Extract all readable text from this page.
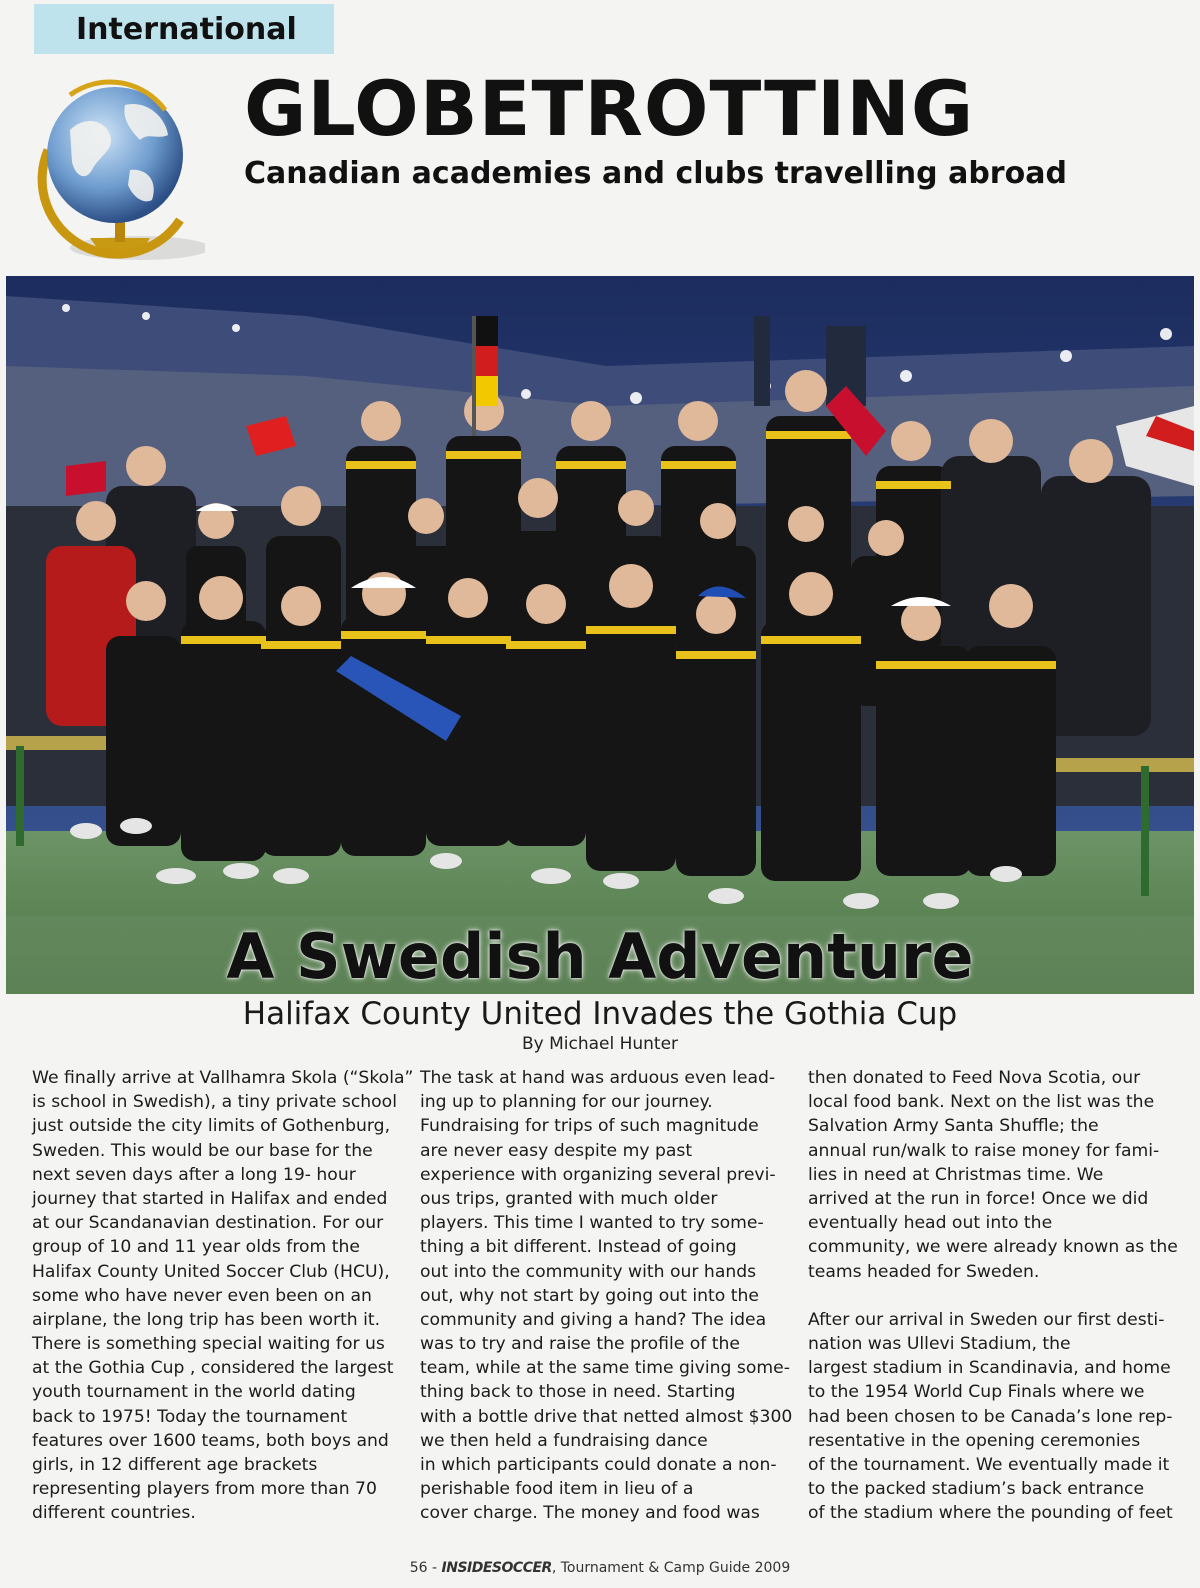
International
GLOBETROTTING
Canadian academies and clubs travelling abroad
A Swedish Adventure
Halifax County United Invades the Gothia Cup
By Michael Hunter
We finally arrive at Vallhamra Skola (“Skola”
is school in Swedish), a tiny private school
just outside the city limits of Gothenburg,
Sweden. This would be our base for the
next seven days after a long 19- hour
journey that started in Halifax and ended
at our Scandanavian destination. For our
group of 10 and 11 year olds from the
Halifax County United Soccer Club (HCU),
some who have never even been on an
airplane, the long trip has been worth it.
There is something special waiting for us
at the Gothia Cup , considered the largest
youth tournament in the world dating
back to 1975! Today the tournament
features over 1600 teams, both boys and
girls, in 12 different age brackets
representing players from more than 70
different countries.
The task at hand was arduous even lead-
ing up to planning for our journey.
Fundraising for trips of such magnitude
are never easy despite my past
experience with organizing several previ-
ous trips, granted with much older
players. This time I wanted to try some-
thing a bit different. Instead of going
out into the community with our hands
out, why not start by going out into the
community and giving a hand? The idea
was to try and raise the profile of the
team, while at the same time giving some-
thing back to those in need. Starting
with a bottle drive that netted almost $300
we then held a fundraising dance
in which participants could donate a non-
perishable food item in lieu of a
cover charge. The money and food was
then donated to Feed Nova Scotia, our
local food bank. Next on the list was the
Salvation Army Santa Shuffle; the
annual run/walk to raise money for fami-
lies in need at Christmas time. We
arrived at the run in force! Once we did
eventually head out into the
community, we were already known as the
teams headed for Sweden.
After our arrival in Sweden our first desti-
nation was Ullevi Stadium, the
largest stadium in Scandinavia, and home
to the 1954 World Cup Finals where we
had been chosen to be Canada’s lone rep-
resentative in the opening ceremonies
of the tournament. We eventually made it
to the packed stadium’s back entrance
of the stadium where the pounding of feet
56 - INSIDESOCCER, Tournament & Camp Guide 2009
